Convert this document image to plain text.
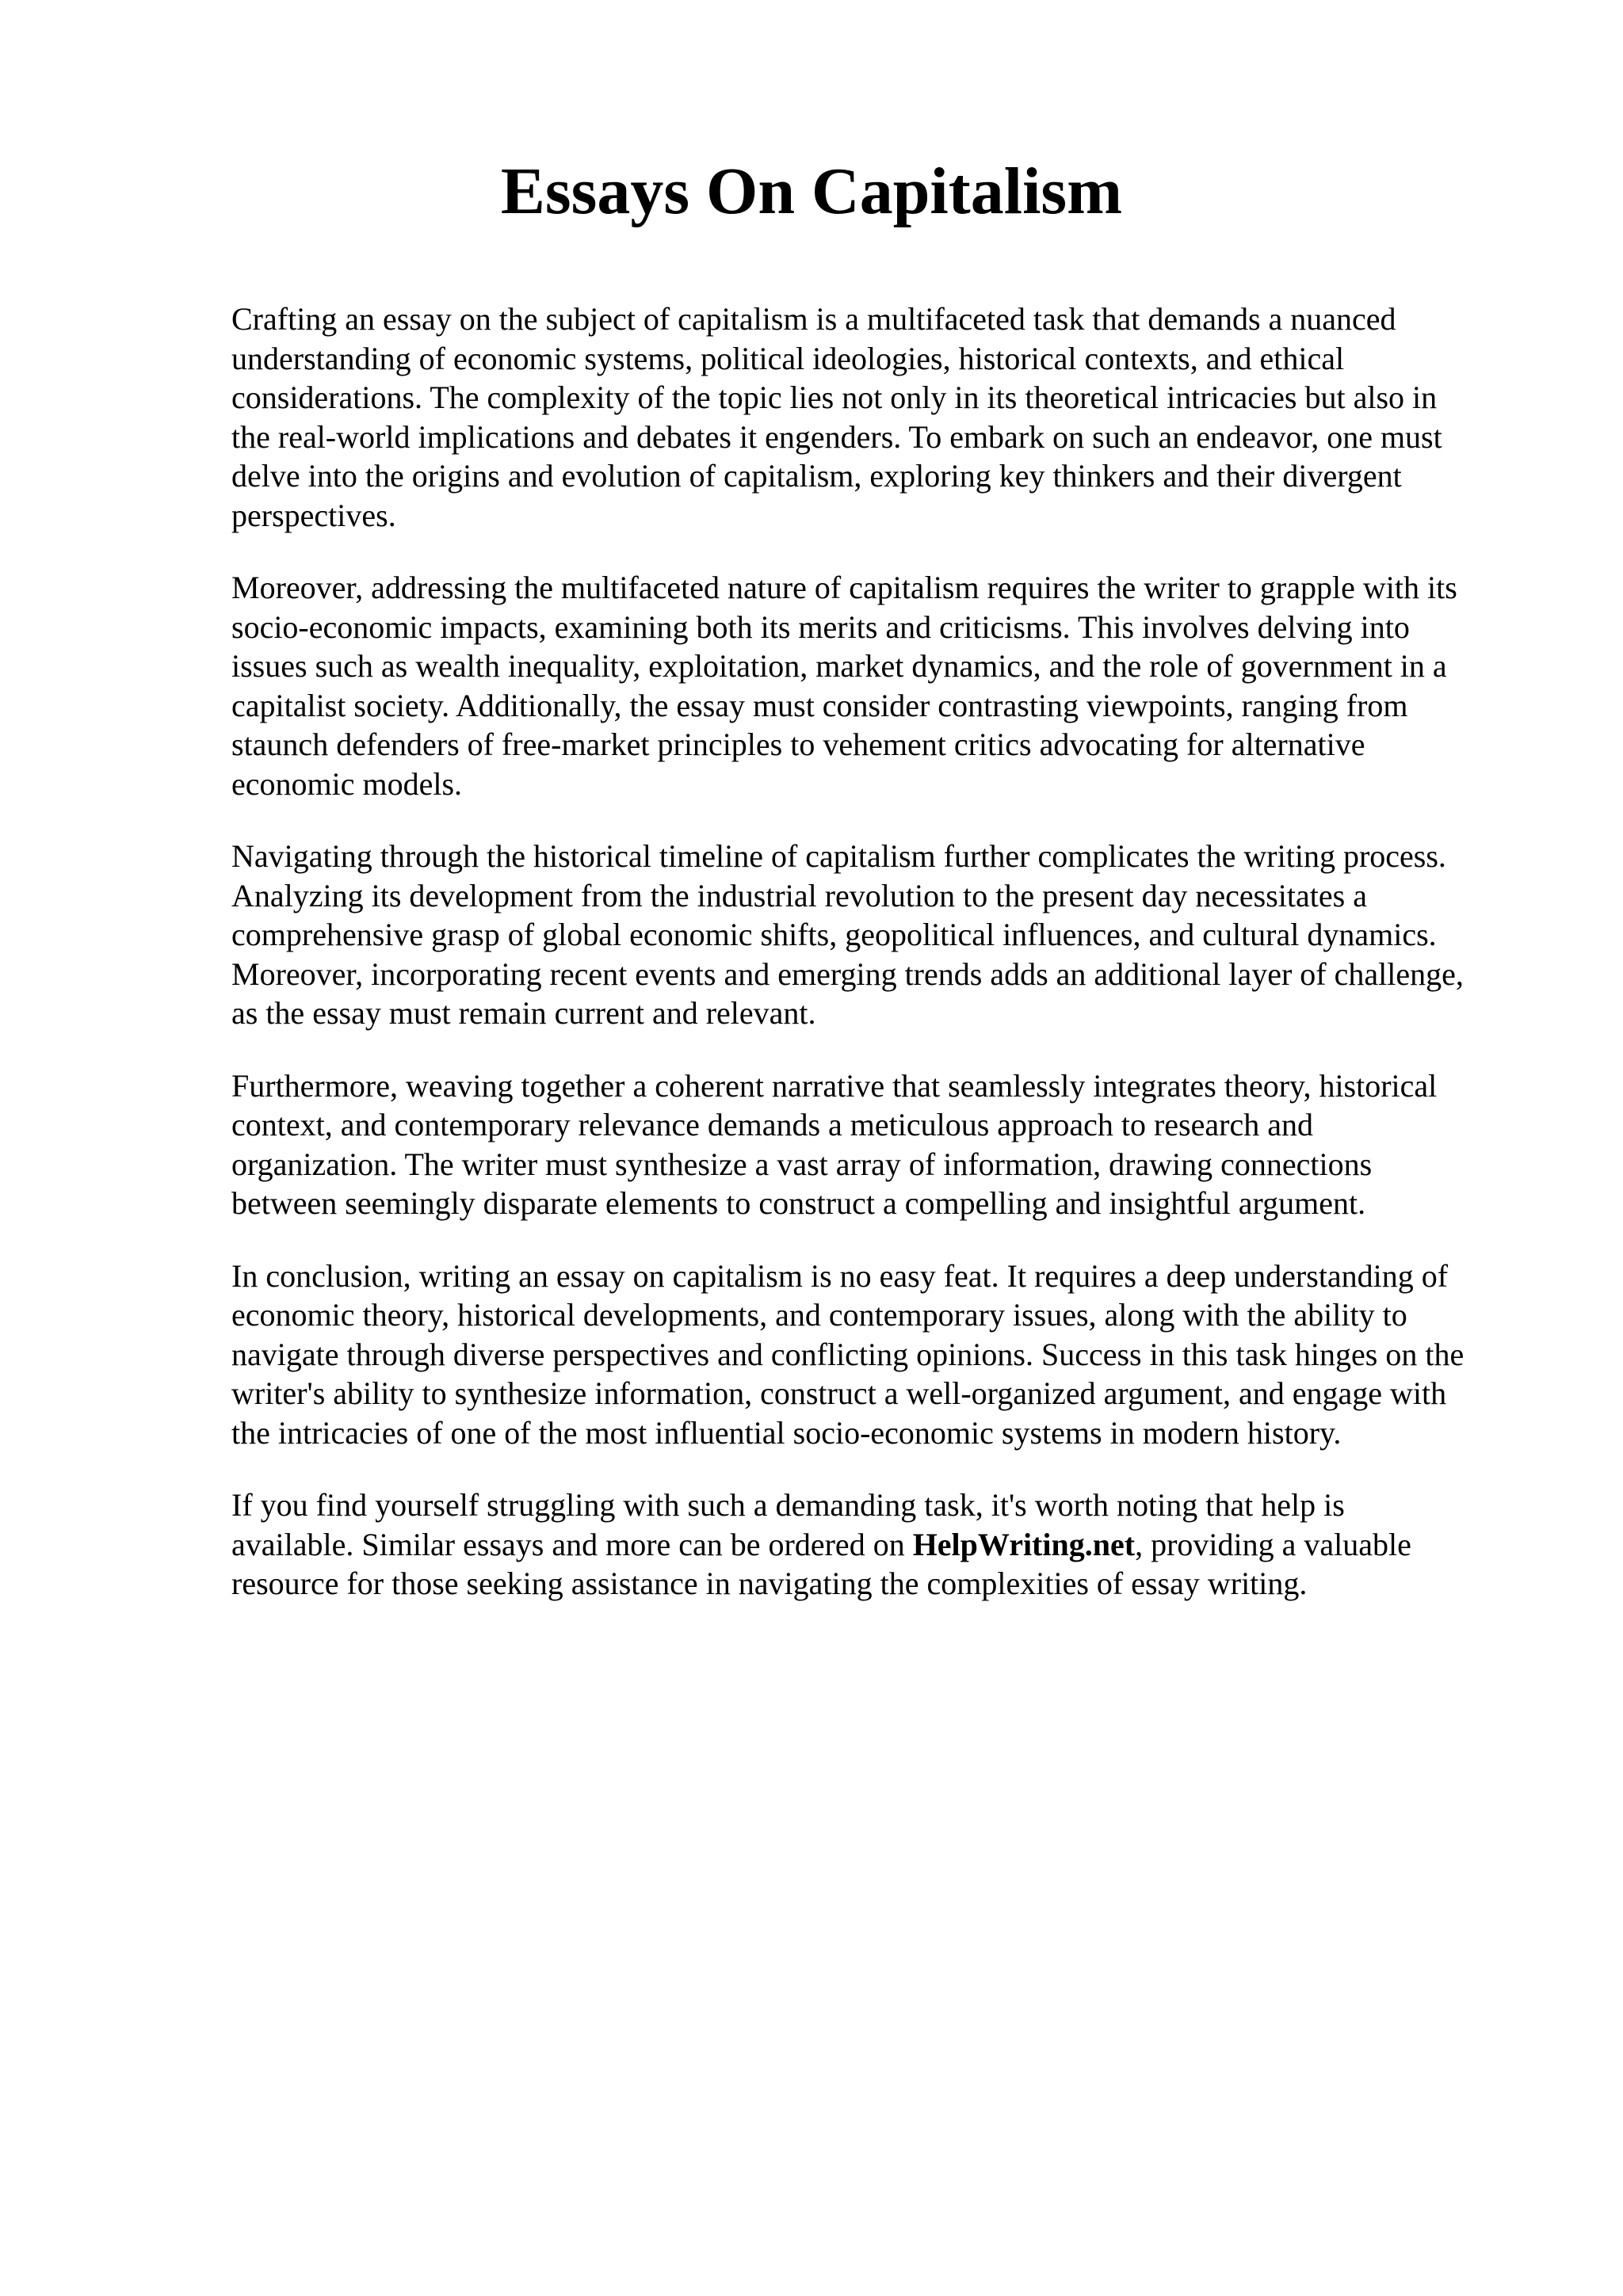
Essays On Capitalism

Crafting an essay on the subject of capitalism is a multifaceted task that demands a nuanced
understanding of economic systems, political ideologies, historical contexts, and ethical
considerations. The complexity of the topic lies not only in its theoretical intricacies but also in
the real-world implications and debates it engenders. To embark on such an endeavor, one must
delve into the origins and evolution of capitalism, exploring key thinkers and their divergent
perspectives.

Moreover, addressing the multifaceted nature of capitalism requires the writer to grapple with its
socio-economic impacts, examining both its merits and criticisms. This involves delving into
issues such as wealth inequality, exploitation, market dynamics, and the role of government in a
capitalist society. Additionally, the essay must consider contrasting viewpoints, ranging from
staunch defenders of free-market principles to vehement critics advocating for alternative
economic models.

Navigating through the historical timeline of capitalism further complicates the writing process.
Analyzing its development from the industrial revolution to the present day necessitates a
comprehensive grasp of global economic shifts, geopolitical influences, and cultural dynamics.
Moreover, incorporating recent events and emerging trends adds an additional layer of challenge,
as the essay must remain current and relevant.

Furthermore, weaving together a coherent narrative that seamlessly integrates theory, historical
context, and contemporary relevance demands a meticulous approach to research and
organization. The writer must synthesize a vast array of information, drawing connections
between seemingly disparate elements to construct a compelling and insightful argument.

In conclusion, writing an essay on capitalism is no easy feat. It requires a deep understanding of
economic theory, historical developments, and contemporary issues, along with the ability to
navigate through diverse perspectives and conflicting opinions. Success in this task hinges on the
writer's ability to synthesize information, construct a well-organized argument, and engage with
the intricacies of one of the most influential socio-economic systems in modern history.

If you find yourself struggling with such a demanding task, it's worth noting that help is
available. Similar essays and more can be ordered on HelpWriting.net, providing a valuable
resource for those seeking assistance in navigating the complexities of essay writing.
